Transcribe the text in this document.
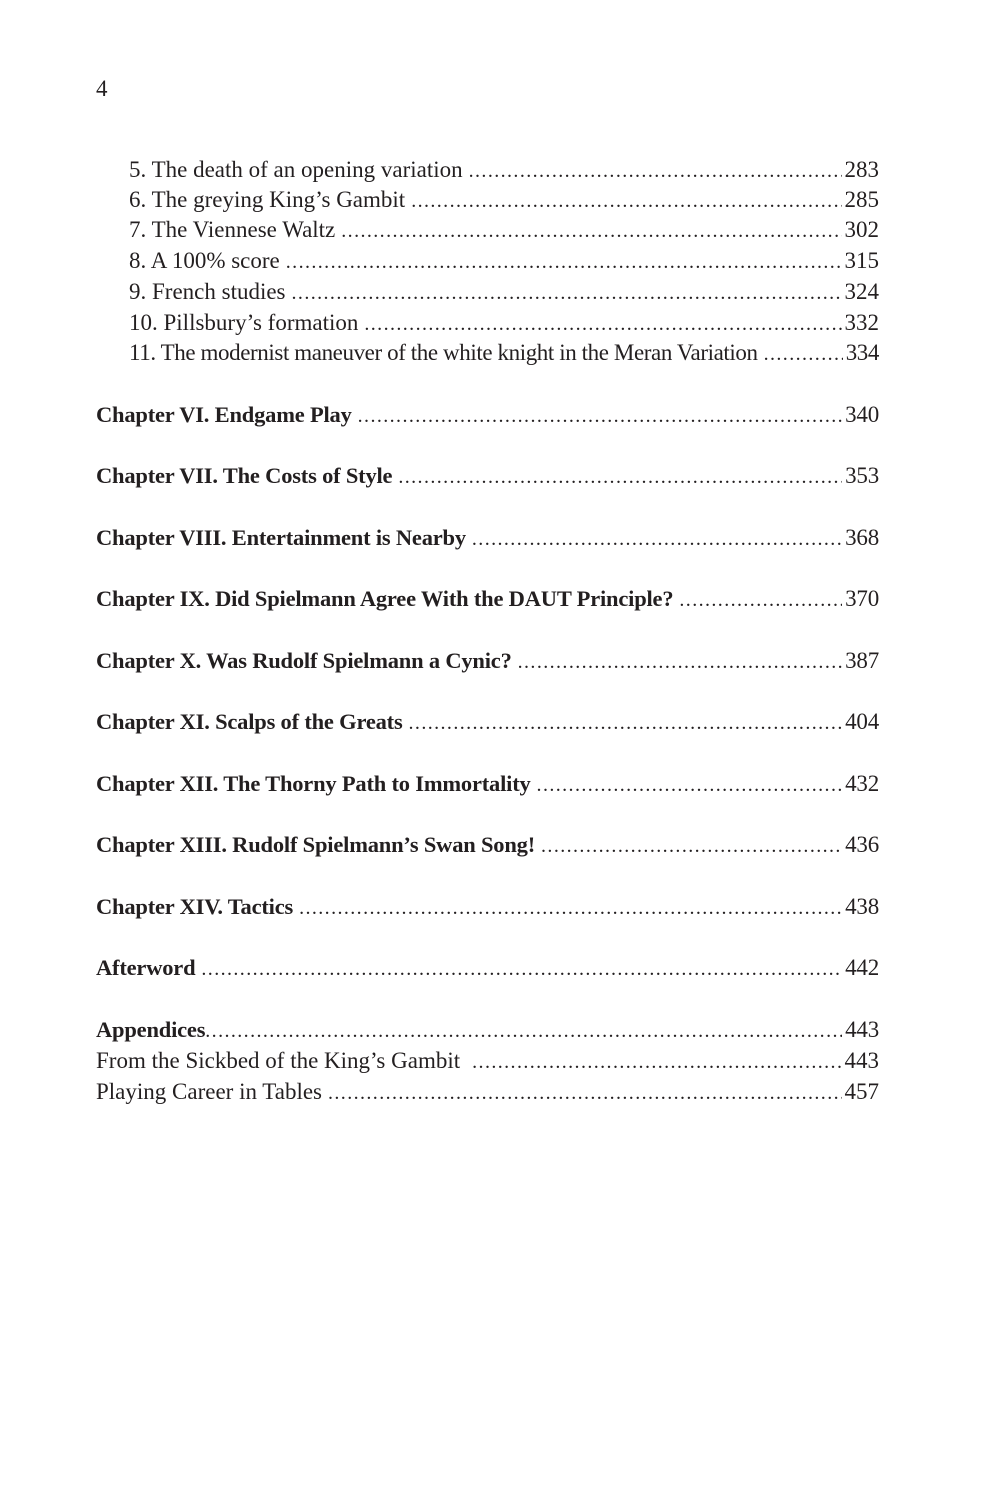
4
5. The death of an opening variation .....	283
6. The greying King’s Gambit .....	285
7. The Viennese Waltz .....	302
8. A 100% score .....	315
9. French studies .....	324
10. Pillsbury’s formation .....	332
11. The modernist maneuver of the white knight in the Meran Variation .....	334
Chapter VI. Endgame Play .....	340
Chapter VII. The Costs of Style .....	353
Chapter VIII. Entertainment is Nearby .....	368
Chapter IX. Did Spielmann Agree With the DAUT Principle? .....	370
Chapter X. Was Rudolf Spielmann a Cynic? .....	387
Chapter XI. Scalps of the Greats .....	404
Chapter XII. The Thorny Path to Immortality .....	432
Chapter XIII. Rudolf Spielmann’s Swan Song! .....	436
Chapter XIV. Tactics .....	438
Afterword .....	442
Appendices .....	443
From the Sickbed of the King’s Gambit .....	443
Playing Career in Tables .....	457
